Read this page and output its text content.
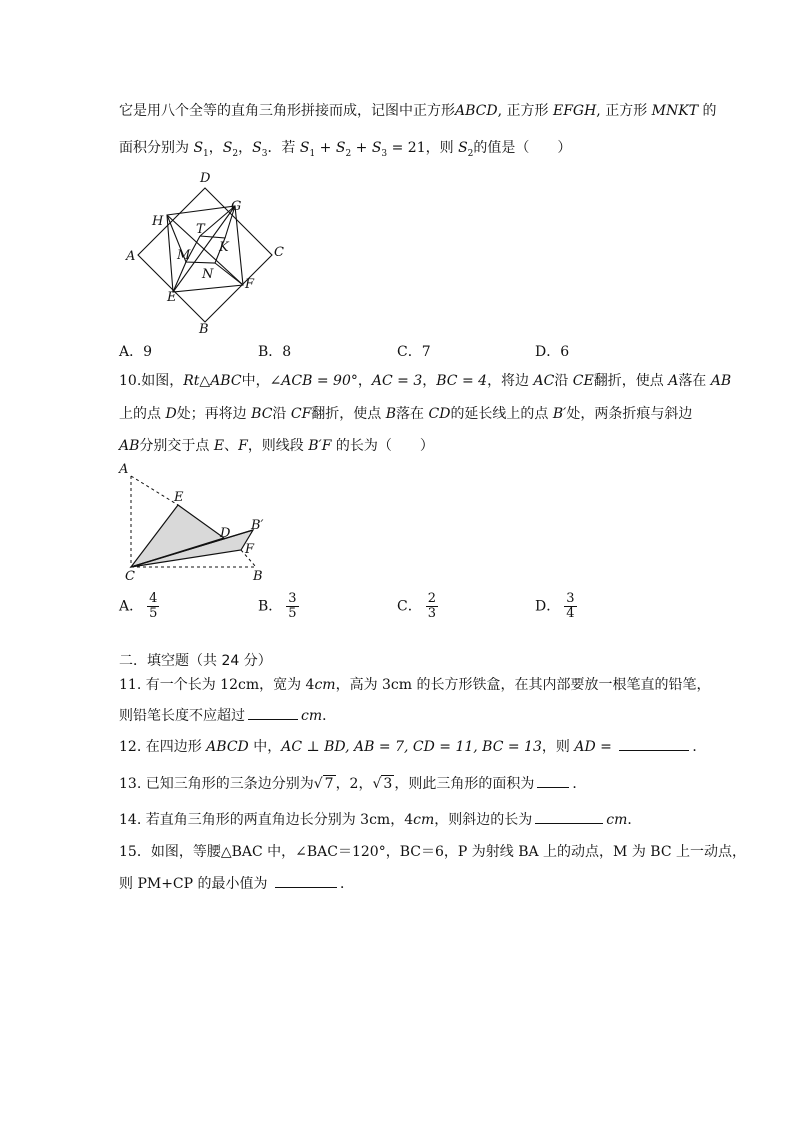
它是用八个全等的直角三角形拼接而成，记图中正方形ABCD, 正方形 EFGH, 正方形 MNKT 的
面积分别为 $S_1$，$S_2$，$S_3$．若 $S_1 + S_2 + S_3 = 21$，则 $S_2$的值是（　　）
D
G
H
T
A	M
K	C
N
E
F
B
A．9	B．8	C．7	D．6
10.如图，Rt△ABC中，∠ACB = 90°，AC = 3，BC = 4，将边 AC沿 CE翻折，使点 A落在 AB
上的点 D处；再将边 BC沿 CF翻折，使点 B落在 CD的延长线上的点 B′处，两条折痕与斜边
AB分别交于点 E、F，则线段 B′F 的长为（　　）
A
E
D
B′
F
C	B
A． $\frac{4}{5}$	B． $\frac{3}{5}$	C． $\frac{2}{3}$	D． $\frac{3}{4}$
二．填空题（共 24 分）
11. 有一个长为 12cm，宽为 4cm，高为 3cm 的长方形铁盒，在其内部要放一根笔直的铅笔，
则铅笔长度不应超过	cm．
12. 在四边形 ABCD 中，AC ⊥ BD, AB = 7, CD = 11, BC = 13，则 AD =	．
13. 已知三角形的三条边分别为√ 7 ，2，√ 3 ，则此三角形的面积为	．
14. 若直角三角形的两直角边长分别为 3cm，4cm，则斜边的长为	cm．
15．如图，等腰△BAC 中，∠BAC＝120°，BC＝6，P 为射线 BA 上的动点，M 为 BC 上一动点，
则 PM+CP 的最小值为	．
